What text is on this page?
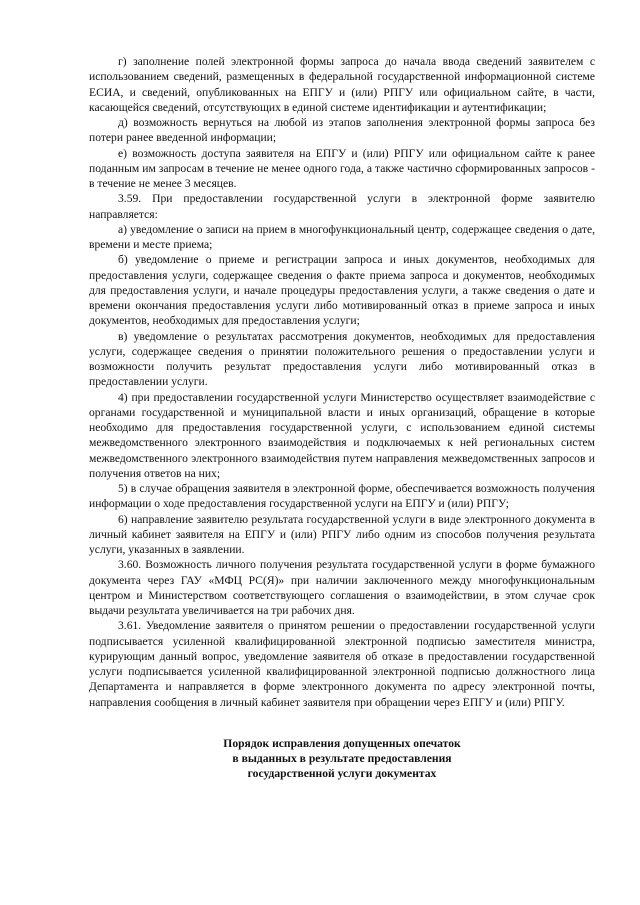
г) заполнение полей электронной формы запроса до начала ввода сведений заявителем с использованием сведений, размещенных в федеральной государственной информационной системе ЕСИА, и сведений, опубликованных на ЕПГУ и (или) РПГУ или официальном сайте, в части, касающейся сведений, отсутствующих в единой системе идентификации и аутентификации;

д) возможность вернуться на любой из этапов заполнения электронной формы запроса без потери ранее введенной информации;

е) возможность доступа заявителя на ЕПГУ и (или) РПГУ или официальном сайте к ранее поданным им запросам в течение не менее одного года, а также частично сформированных запросов - в течение не менее 3 месяцев.

3.59. При предоставлении государственной услуги в электронной форме заявителю направляется:

а) уведомление о записи на прием в многофункциональный центр, содержащее сведения о дате, времени и месте приема;

б) уведомление о приеме и регистрации запроса и иных документов, необходимых для предоставления услуги, содержащее сведения о факте приема запроса и документов, необходимых для предоставления услуги, и начале процедуры предоставления услуги, а также сведения о дате и времени окончания предоставления услуги либо мотивированный отказ в приеме запроса и иных документов, необходимых для предоставления услуги;

в) уведомление о результатах рассмотрения документов, необходимых для предоставления услуги, содержащее сведения о принятии положительного решения о предоставлении услуги и возможности получить результат предоставления услуги либо мотивированный отказ в предоставлении услуги.

4) при предоставлении государственной услуги Министерство осуществляет взаимодействие с органами государственной и муниципальной власти и иных организаций, обращение в которые необходимо для предоставления государственной услуги, с использованием единой системы межведомственного электронного взаимодействия и подключаемых к ней региональных систем межведомственного электронного взаимодействия путем направления межведомственных запросов и получения ответов на них;

5) в случае обращения заявителя в электронной форме, обеспечивается возможность получения информации о ходе предоставления государственной услуги на ЕПГУ и (или) РПГУ;

6) направление заявителю результата государственной услуги в виде электронного документа в личный кабинет заявителя на ЕПГУ и (или) РПГУ либо одним из способов получения результата услуги, указанных в заявлении.

3.60. Возможность личного получения результата государственной услуги в форме бумажного документа через ГАУ «МФЦ РС(Я)» при наличии заключенного между многофункциональным центром и Министерством соответствующего соглашения о взаимодействии, в этом случае срок выдачи результата увеличивается на три рабочих дня.

3.61. Уведомление заявителя о принятом решении о предоставлении государственной услуги подписывается усиленной квалифицированной электронной подписью заместителя министра, курирующим данный вопрос, уведомление заявителя об отказе в предоставлении государственной услуги подписывается усиленной квалифицированной электронной подписью должностного лица Департамента и направляется в форме электронного документа по адресу электронной почты, направления сообщения в личный кабинет заявителя при обращении через ЕПГУ и (или) РПГУ.

Порядок исправления допущенных опечаток
в выданных в результате предоставления
государственной услуги документах
